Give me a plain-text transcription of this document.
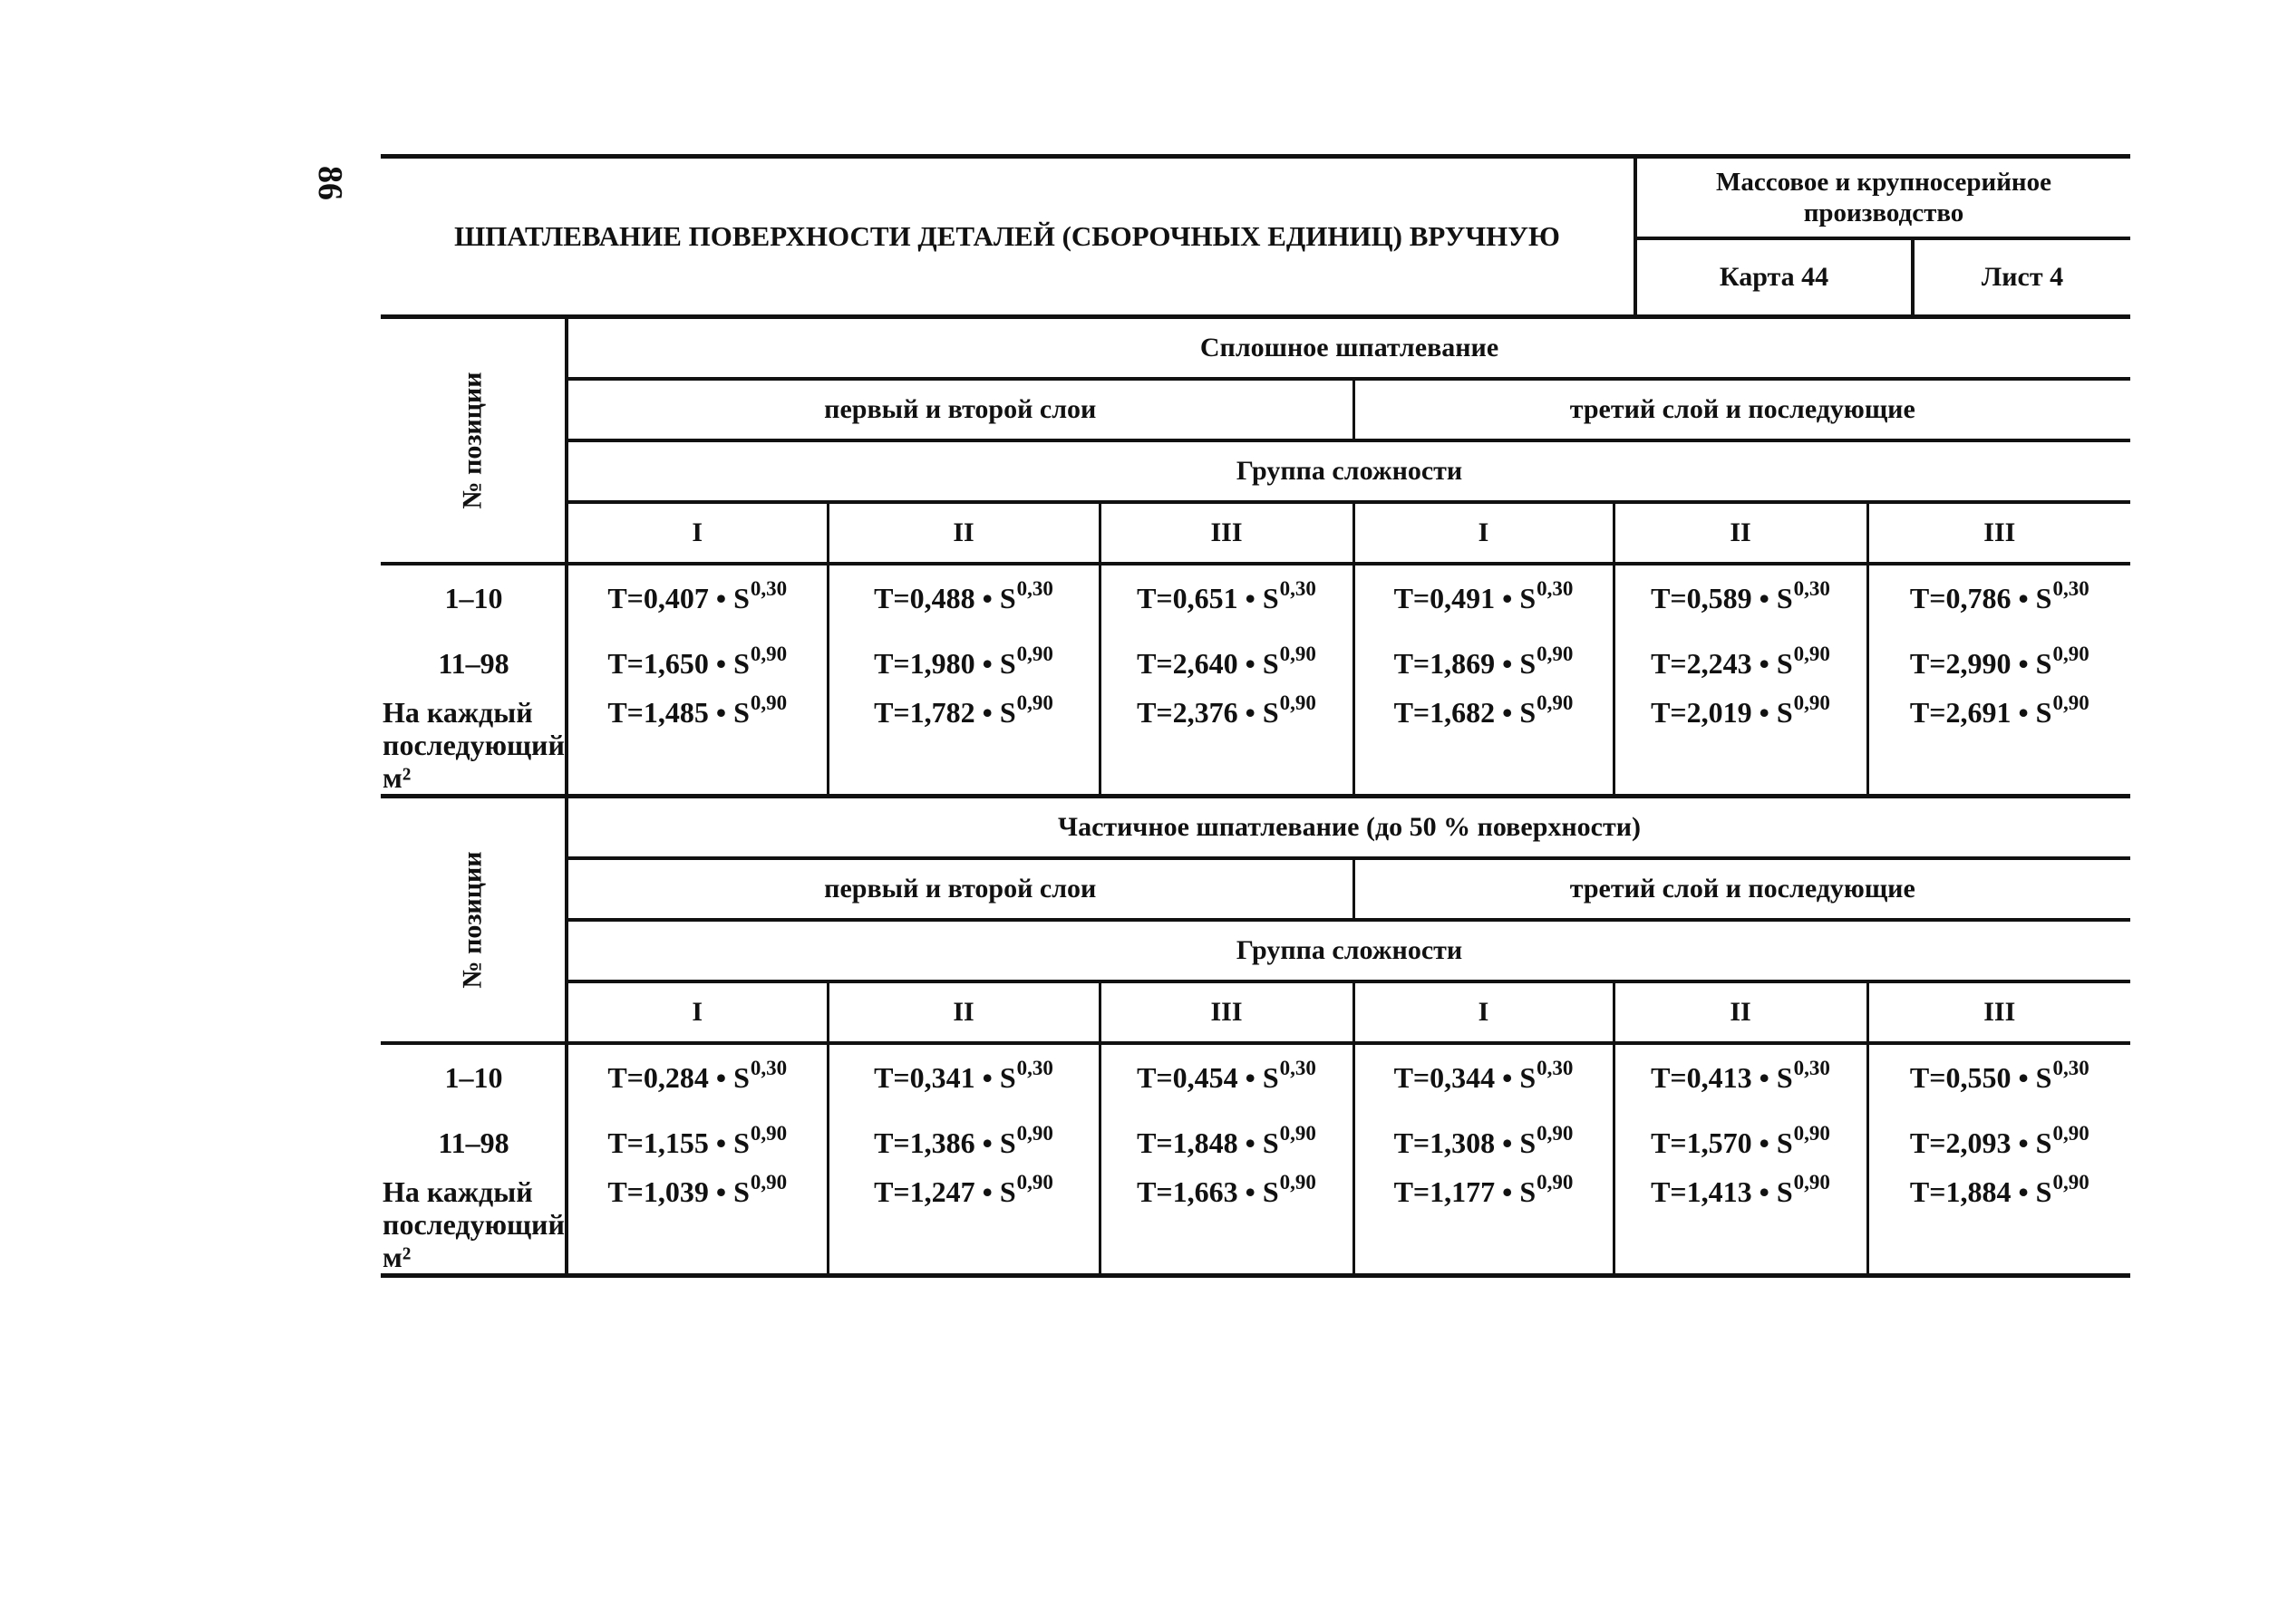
86
ШПАТЛЕВАНИЕ ПОВЕРХНОСТИ ДЕТАЛЕЙ (СБОРОЧНЫХ ЕДИНИЦ) ВРУЧНУЮ
Массовое и крупносерийное производство
Карта 44	Лист 4
№ позиции	Сплошное шпатлевание					
	первый и второй слои			третий слой и последующие		
	Группа сложности					
	I	II	III	I	II	III
1–10	T=0,407 • S$^{0,30}$	T=0,488 • S$^{0,30}$	T=0,651 • S$^{0,30}$	T=0,491 • S$^{0,30}$	T=0,589 • S$^{0,30}$	T=0,786 • S$^{0,30}$
11–98	T=1,650 • S$^{0,90}$	T=1,980 • S$^{0,90}$	T=2,640 • S$^{0,90}$	T=1,869 • S$^{0,90}$	T=2,243 • S$^{0,90}$	T=2,990 • S$^{0,90}$
На каждый последующий м²	T=1,485 • S$^{0,90}$	T=1,782 • S$^{0,90}$	T=2,376 • S$^{0,90}$	T=1,682 • S$^{0,90}$	T=2,019 • S$^{0,90}$	T=2,691 • S$^{0,90}$
№ позиции	Частичное шпатлевание (до 50 % поверхности)					
	первый и второй слои			третий слой и последующие		
	Группа сложности					
	I	II	III	I	II	III
1–10	T=0,284 • S$^{0,30}$	T=0,341 • S$^{0,30}$	T=0,454 • S$^{0,30}$	T=0,344 • S$^{0,30}$	T=0,413 • S$^{0,30}$	T=0,550 • S$^{0,30}$
11–98	T=1,155 • S$^{0,90}$	T=1,386 • S$^{0,90}$	T=1,848 • S$^{0,90}$	T=1,308 • S$^{0,90}$	T=1,570 • S$^{0,90}$	T=2,093 • S$^{0,90}$
На каждый последующий м²	T=1,039 • S$^{0,90}$	T=1,247 • S$^{0,90}$	T=1,663 • S$^{0,90}$	T=1,177 • S$^{0,90}$	T=1,413 • S$^{0,90}$	T=1,884 • S$^{0,90}$
